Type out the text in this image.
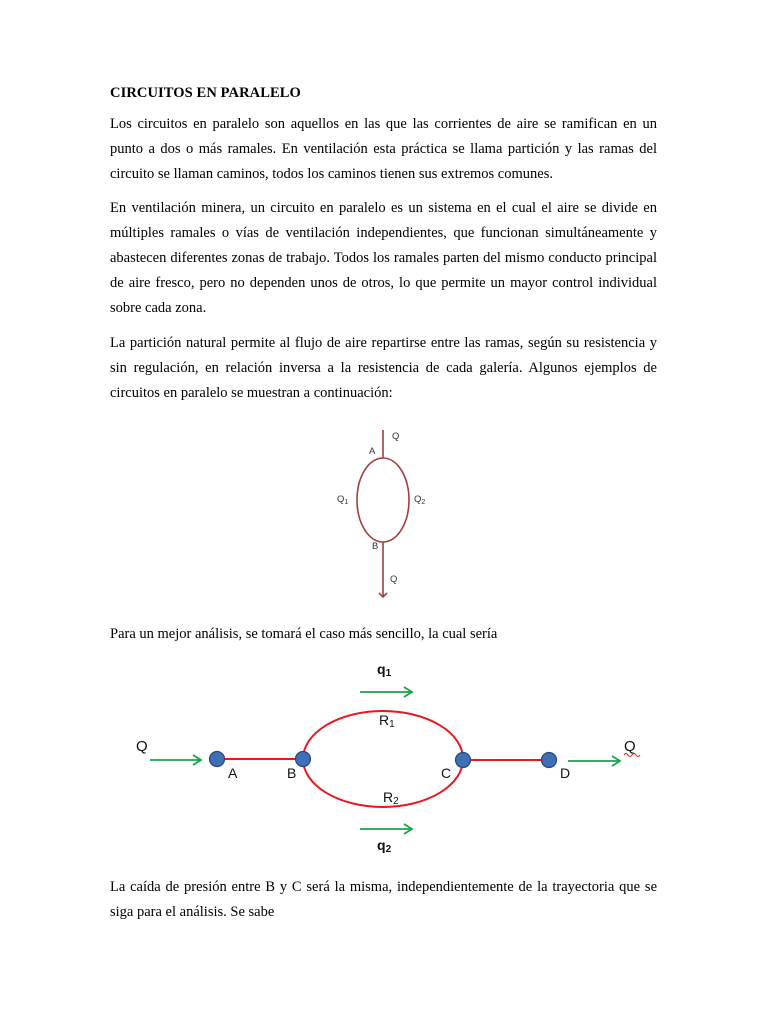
CIRCUITOS EN PARALELO

Los circuitos en paralelo son aquellos en las que las corrientes de aire se ramifican en un punto a dos o más ramales. En ventilación esta práctica se llama partición y las ramas del circuito se llaman caminos, todos los caminos tienen sus extremos comunes.

En ventilación minera, un circuito en paralelo es un sistema en el cual el aire se divide en múltiples ramales o vías de ventilación independientes, que funcionan simultáneamente y abastecen diferentes zonas de trabajo. Todos los ramales parten del mismo conducto principal de aire fresco, pero no dependen unos de otros, lo que permite un mayor control individual sobre cada zona.

La partición natural permite al flujo de aire repartirse entre las ramas, según su resistencia y sin regulación, en relación inversa a la resistencia de cada galería. Algunos ejemplos de circuitos en paralelo se muestran a continuación:

Para un mejor análisis, se tomará el caso más sencillo, la cual sería

La caída de presión entre B y C será la misma, independientemente de la trayectoria que se siga para el análisis. Se sabe

Q
A
$Q_1$	$Q_2$
B
Q
Q	Q
A	B	C	D
q1
R1
R2
q2
